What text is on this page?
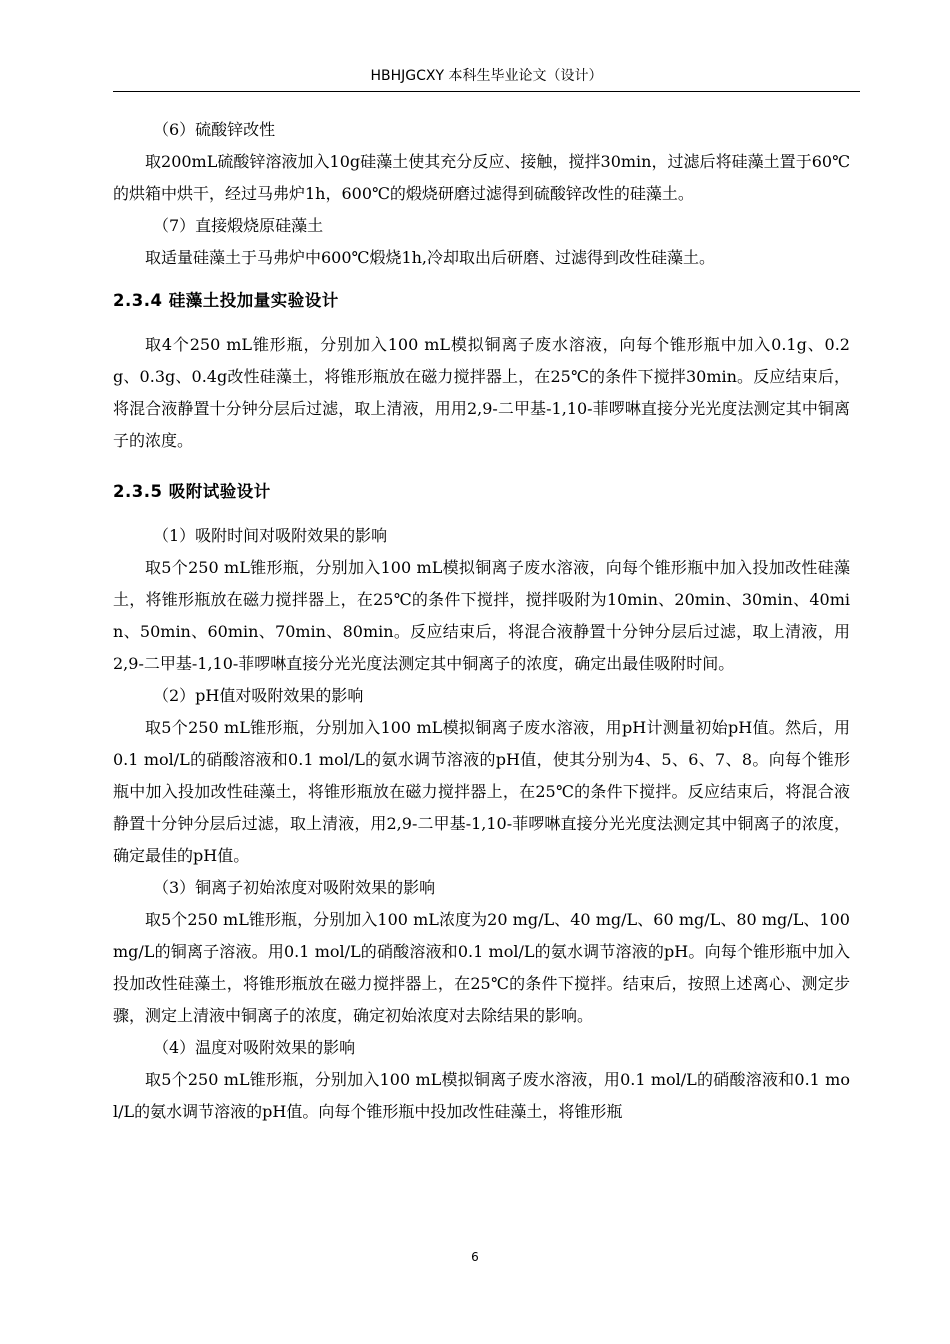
HBHJGCXY 本科生毕业论文（设计）

（6）硫酸锌改性

取200mL硫酸锌溶液加入10g硅藻土使其充分反应、接触，搅拌30min，过滤后将硅藻土置于60℃的烘箱中烘干，经过马弗炉1h，600℃的煅烧研磨过滤得到硫酸锌改性的硅藻土。

（7）直接煅烧原硅藻土

取适量硅藻土于马弗炉中600℃煅烧1h,冷却取出后研磨、过滤得到改性硅藻土。

2.3.4 硅藻土投加量实验设计

取4个250 mL锥形瓶，分别加入100 mL模拟铜离子废水溶液，向每个锥形瓶中加入0.1g、0.2 g、0.3g、0.4g改性硅藻土，将锥形瓶放在磁力搅拌器上，在25℃的条件下搅拌30min。反应结束后，将混合液静置十分钟分层后过滤，取上清液，用用2,9-二甲基-1,10-菲啰啉直接分光光度法测定其中铜离子的浓度。

2.3.5 吸附试验设计

（1）吸附时间对吸附效果的影响

取5个250 mL锥形瓶，分别加入100 mL模拟铜离子废水溶液，向每个锥形瓶中加入投加改性硅藻土，将锥形瓶放在磁力搅拌器上，在25℃的条件下搅拌，搅拌吸附为10min、20min、30min、40min、50min、60min、70min、80min。反应结束后，将混合液静置十分钟分层后过滤，取上清液，用2,9-二甲基-1,10-菲啰啉直接分光光度法测定其中铜离子的浓度，确定出最佳吸附时间。

（2）pH值对吸附效果的影响

取5个250 mL锥形瓶，分别加入100 mL模拟铜离子废水溶液，用pH计测量初始pH值。然后，用0.1 mol/L的硝酸溶液和0.1 mol/L的氨水调节溶液的pH值，使其分别为4、5、6、7、8。向每个锥形瓶中加入投加改性硅藻土，将锥形瓶放在磁力搅拌器上，在25℃的条件下搅拌。反应结束后，将混合液静置十分钟分层后过滤，取上清液，用2,9-二甲基-1,10-菲啰啉直接分光光度法测定其中铜离子的浓度，确定最佳的pH值。

（3）铜离子初始浓度对吸附效果的影响

取5个250 mL锥形瓶，分别加入100 mL浓度为20 mg/L、40 mg/L、60 mg/L、80 mg/L、100 mg/L的铜离子溶液。用0.1 mol/L的硝酸溶液和0.1 mol/L的氨水调节溶液的pH。向每个锥形瓶中加入投加改性硅藻土，将锥形瓶放在磁力搅拌器上，在25℃的条件下搅拌。结束后，按照上述离心、测定步骤，测定上清液中铜离子的浓度，确定初始浓度对去除结果的影响。

（4）温度对吸附效果的影响

取5个250 mL锥形瓶，分别加入100 mL模拟铜离子废水溶液，用0.1 mol/L的硝酸溶液和0.1 mol/L的氨水调节溶液的pH值。向每个锥形瓶中投加改性硅藻土，将锥形瓶

6
